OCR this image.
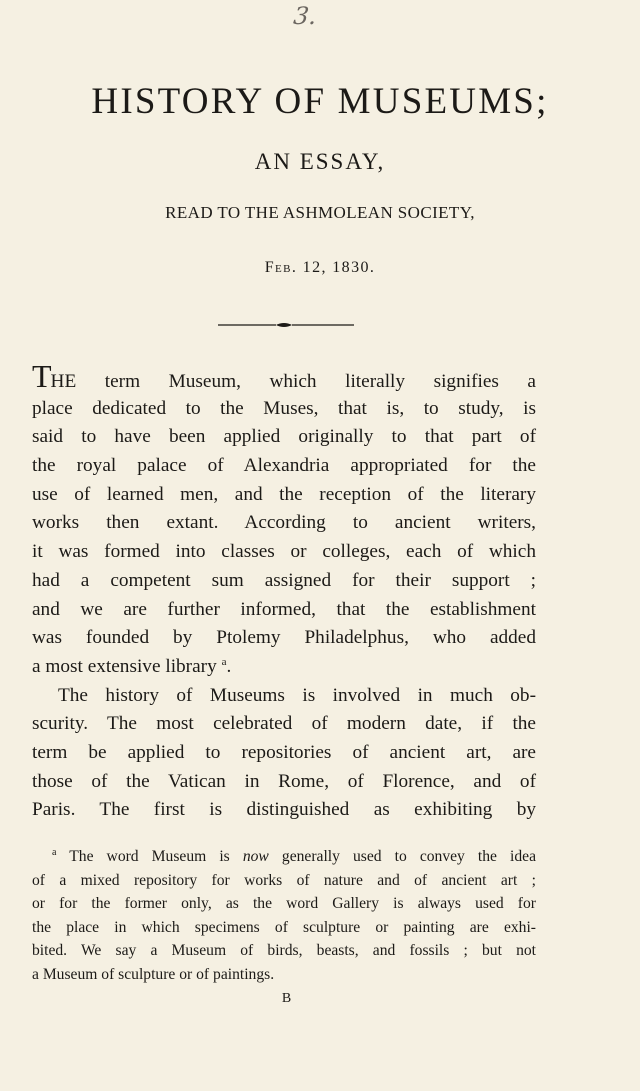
3.
HISTORY OF MUSEUMS;
AN ESSAY,
READ TO THE ASHMOLEAN SOCIETY,
Feb. 12, 1830.
THE term Museum, which literally signifies a
place dedicated to the Muses, that is, to study, is
said to have been applied originally to that part of
the royal palace of Alexandria appropriated for the
use of learned men, and the reception of the literary
works then extant. According to ancient writers,
it was formed into classes or colleges, each of which
had a competent sum assigned for their support ;
and we are further informed, that the establishment
was founded by Ptolemy Philadelphus, who added
a most extensive library $^a$.
The history of Museums is involved in much ob-
scurity. The most celebrated of modern date, if the
term be applied to repositories of ancient art, are
those of the Vatican in Rome, of Florence, and of
Paris. The first is distinguished as exhibiting by
$^a$ The word Museum is now generally used to convey the idea
of a mixed repository for works of nature and of ancient art ;
or for the former only, as the word Gallery is always used for
the place in which specimens of sculpture or painting are exhi-
bited. We say a Museum of birds, beasts, and fossils ; but not
a Museum of sculpture or of paintings.
B
